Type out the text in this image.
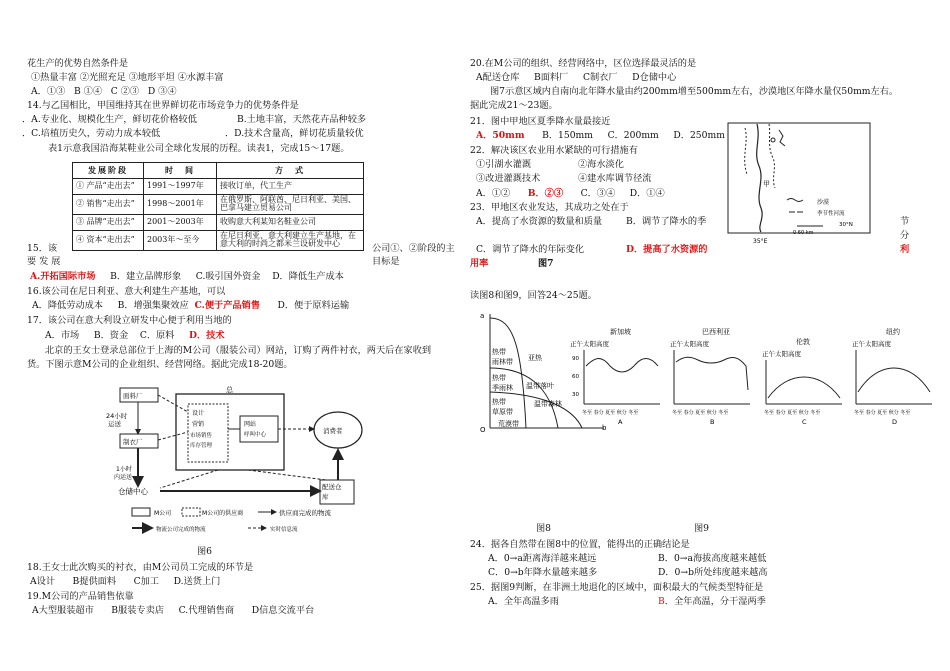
花生产的优势自然条件是
①热量丰富 ②光照充足 ③地形平坦 ④水源丰富
A．①③ B ①④ C ②③ D ③④
14.与乙国相比，甲国维持其在世界鲜切花市场竞争力的优势条件是
．A.专业化、规模化生产，鲜切花价格较低	B.土地丰富，天然花卉品种较多
．C.培植历史久，劳动力成本较低	．D.技术含量高，鲜切花质量较优
表1示意我国沿海某鞋业公司全球化发展的历程。读表1，完成15～17题。
发展阶段	时　间	方　式
① 产品“走出去”	1991～1997年	接收订单，代工生产
② 销售“走出去”	1998～2001年	在俄罗斯、阿联酋、尼日利亚、美国、巴拿马建立贸易公司
③ 品牌“走出去”	2001～2003年	收购意大利某知名鞋业公司
④ 资本“走出去”	2003年～至今	在尼日利亚、意大利建立生产基地，在意大利的时尚之都米兰设研发中心
15．该	公司①、②阶段的主
要 发 展	目标是
A.开拓国际市场 B．建立品牌形象 C.吸引国外资金 D．降低生产成本
16.该公司在尼日利亚、意大利建生产基地，可以
A．降低劳动成本 B．增强集聚效应 C.便于产品销售 D．便于原料运输
17．该公司在意大利设立研发中心便于利用当地的
A．市场 B．资金 C．原料 D．技术
北京的王女士登录总部位于上海的M公司（服装公司）网站，订购了两件衬衣，两天后在家收到
货。下图示意M公司的企业组织、经营网络。据此完成18-20题。
总
设计
营销
市场销售
库存管理
网站
呼叫中心	消费者
面料厂
制衣厂
24小时
运送
1小时
内运送
仓储中心	配送仓
库
M公司	M公司的供应商	供应商完成的物流
物流公司完成的物流	实时信息流
图6
18.王女士此次购买的衬衣，由M公司员工完成的环节是
A设计 B提供面料 C加工 D.送货上门
19.M公司的产品销售依靠
A大型服装超市 B服装专卖店 C.代理销售商 D信息交流平台
20.在M公司的组织、经营网络中，区位选择最灵活的是
A配送仓库 B面料厂 C制衣厂 D仓储中心
图7示意区域内自南向北年降水量由约200mm增至500mm左右，沙漠地区年降水量仅50mm左右。
据此完成21～23题。
21．图中甲地区夏季降水量最接近
A．50mm B．150mm C．200mm D．250mm
22．解决该区农业用水紧缺的可行措施有
①引湖水灌溉	②海水淡化
③改进灌溉技术	④建水库调节径流
A．①② B．②③ C．③④ D．①④
23．甲地区农业发达，其成功之处在于
A．提高了水资源的数量和质量	B．调节了降水的季	节
分
C．调节了降水的年际变化	D．提高了水资源的	利
用率	图7
甲
沙漠
季节性河流
30°N
0 60 km
35°E
读图8和图9，回答24～25题。
a
b
O
热带
雨林带 亚热
热带
季雨林 温带落叶
温带森林
热带
草原带
荒漠带
新加坡
正午太阳高度
90
60
30
冬至 春分 夏至 秋分 冬至
A
巴西利亚
正午太阳高度
冬至 春分 夏至 秋分 冬至
B
伦敦
正午太阳高度
冬至 春分 夏至 秋分 冬至
C
纽约
正午太阳高度
冬至 春分 夏至 秋分 冬至
D
图8	图9
24．据各自然带在图8中的位置，能得出的正确结论是
A．0→a距离海洋越来越远	B．0→a海拔高度越来越低
C．0→b年降水量越来越多	D．0→b所处纬度越来越高
25．据图9判断，在非洲土地退化的区域中，面积最大的气候类型特征是
A．全年高温多雨	B．全年高温，分干湿两季
